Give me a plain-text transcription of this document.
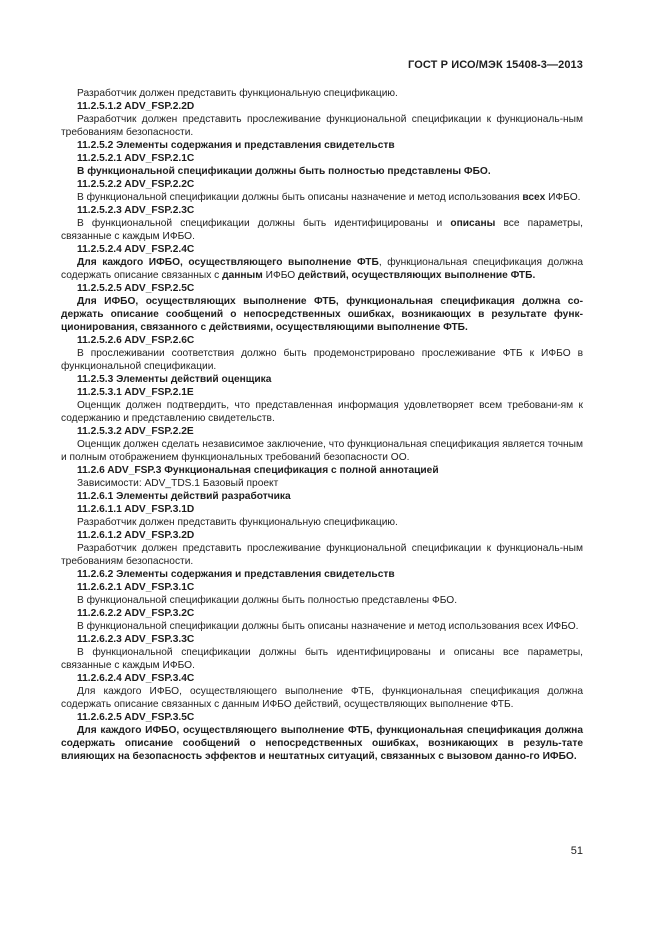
ГОСТ Р ИСО/МЭК 15408-3—2013
Разработчик должен представить функциональную спецификацию.
11.2.5.1.2 ADV_FSP.2.2D
Разработчик должен представить прослеживание функциональной спецификации к функциональ-ным требованиям безопасности.
11.2.5.2 Элементы содержания и представления свидетельств
11.2.5.2.1 ADV_FSP.2.1C
В функциональной спецификации должны быть полностью представлены ФБО.
11.2.5.2.2 ADV_FSP.2.2C
В функциональной спецификации должны быть описаны назначение и метод использования всех ИФБО.
11.2.5.2.3 ADV_FSP.2.3C
В функциональной спецификации должны быть идентифицированы и описаны все параметры, связанные с каждым ИФБО.
11.2.5.2.4 ADV_FSP.2.4C
Для каждого ИФБО, осуществляющего выполнение ФТБ, функциональная спецификация должна содержать описание связанных с данным ИФБО действий, осуществляющих выполнение ФТБ.
11.2.5.2.5 ADV_FSP.2.5C
Для ИФБО, осуществляющих выполнение ФТБ, функциональная спецификация должна со-держать описание сообщений о непосредственных ошибках, возникающих в результате функ-ционирования, связанного с действиями, осуществляющими выполнение ФТБ.
11.2.5.2.6 ADV_FSP.2.6C
В прослеживании соответствия должно быть продемонстрировано прослеживание ФТБ к ИФБО в функциональной спецификации.
11.2.5.3 Элементы действий оценщика
11.2.5.3.1 ADV_FSP.2.1E
Оценщик должен подтвердить, что представленная информация удовлетворяет всем требовани-ям к содержанию и представлению свидетельств.
11.2.5.3.2 ADV_FSP.2.2E
Оценщик должен сделать независимое заключение, что функциональная спецификация является точным и полным отображением функциональных требований безопасности ОО.
11.2.6 ADV_FSP.3 Функциональная спецификация с полной аннотацией
Зависимости: ADV_TDS.1 Базовый проект
11.2.6.1 Элементы действий разработчика
11.2.6.1.1 ADV_FSP.3.1D
Разработчик должен представить функциональную спецификацию.
11.2.6.1.2 ADV_FSP.3.2D
Разработчик должен представить прослеживание функциональной спецификации к функциональ-ным требованиям безопасности.
11.2.6.2 Элементы содержания и представления свидетельств
11.2.6.2.1 ADV_FSP.3.1C
В функциональной спецификации должны быть полностью представлены ФБО.
11.2.6.2.2 ADV_FSP.3.2C
В функциональной спецификации должны быть описаны назначение и метод использования всех ИФБО.
11.2.6.2.3 ADV_FSP.3.3C
В функциональной спецификации должны быть идентифицированы и описаны все параметры, связанные с каждым ИФБО.
11.2.6.2.4 ADV_FSP.3.4C
Для каждого ИФБО, осуществляющего выполнение ФТБ, функциональная спецификация должна содержать описание связанных с данным ИФБО действий, осуществляющих выполнение ФТБ.
11.2.6.2.5 ADV_FSP.3.5C
Для каждого ИФБО, осуществляющего выполнение ФТБ, функциональная спецификация должна содержать описание сообщений о непосредственных ошибках, возникающих в резуль-тате влияющих на безопасность эффектов и нештатных ситуаций, связанных с вызовом данно-го ИФБО.
51
